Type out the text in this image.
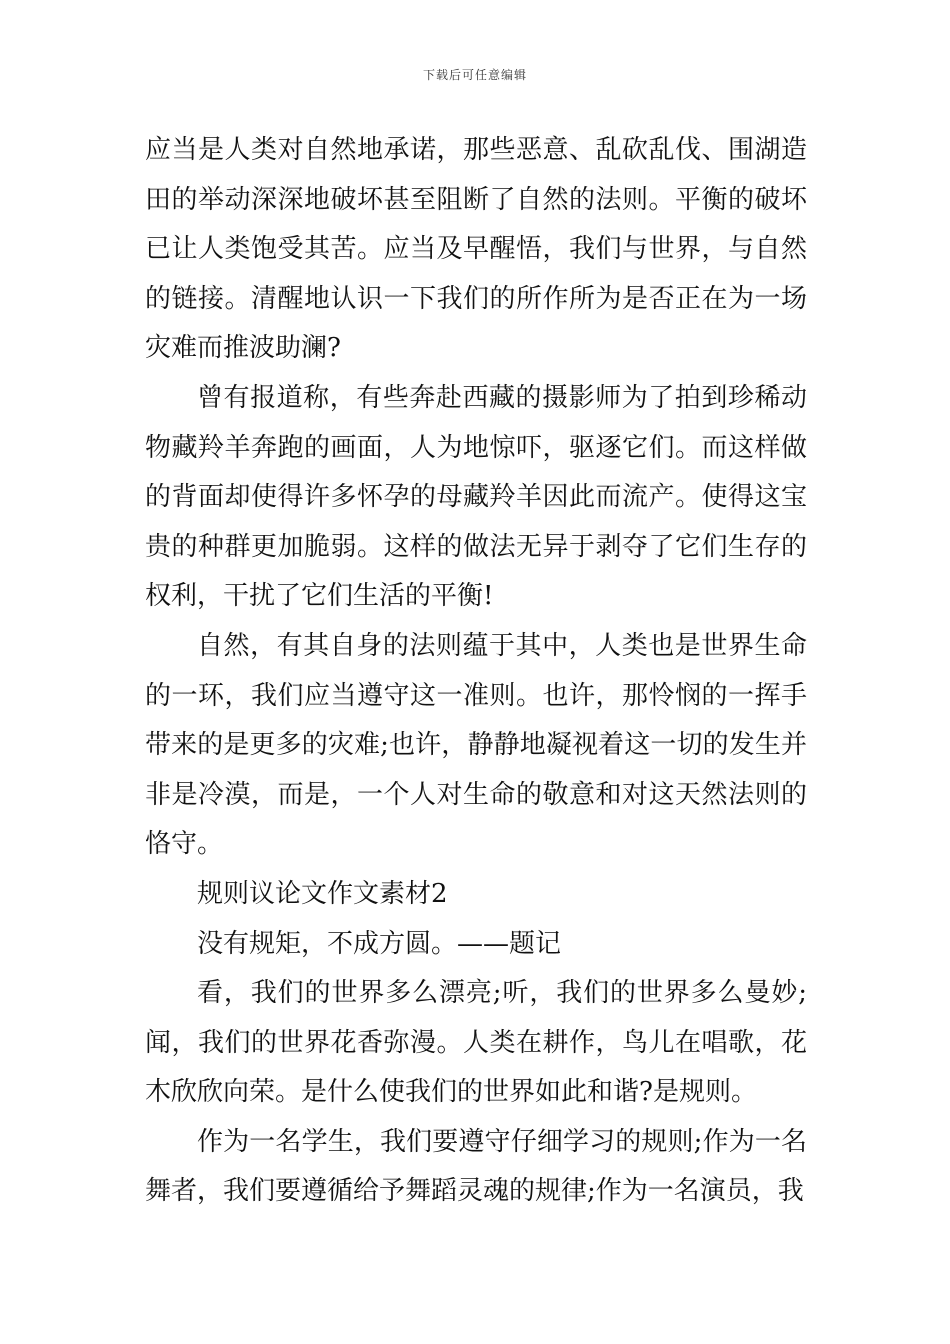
下载后可任意编辑

应当是人类对自然地承诺，那些恶意、乱砍乱伐、围湖造田的举动深深地破坏甚至阻断了自然的法则。平衡的破坏已让人类饱受其苦。应当及早醒悟，我们与世界，与自然的链接。清醒地认识一下我们的所作所为是否正在为一场灾难而推波助澜?

曾有报道称，有些奔赴西藏的摄影师为了拍到珍稀动物藏羚羊奔跑的画面，人为地惊吓，驱逐它们。而这样做的背面却使得许多怀孕的母藏羚羊因此而流产。使得这宝贵的种群更加脆弱。这样的做法无异于剥夺了它们生存的权利，干扰了它们生活的平衡!

自然，有其自身的法则蕴于其中，人类也是世界生命的一环，我们应当遵守这一准则。也许，那怜悯的一挥手带来的是更多的灾难;也许，静静地凝视着这一切的发生并非是冷漠，而是，一个人对生命的敬意和对这天然法则的恪守。

规则议论文作文素材2

没有规矩，不成方圆。——题记

看，我们的世界多么漂亮;听，我们的世界多么曼妙;闻，我们的世界花香弥漫。人类在耕作，鸟儿在唱歌，花木欣欣向荣。是什么使我们的世界如此和谐?是规则。

作为一名学生，我们要遵守仔细学习的规则;作为一名舞者，我们要遵循给予舞蹈灵魂的规律;作为一名演员，我
